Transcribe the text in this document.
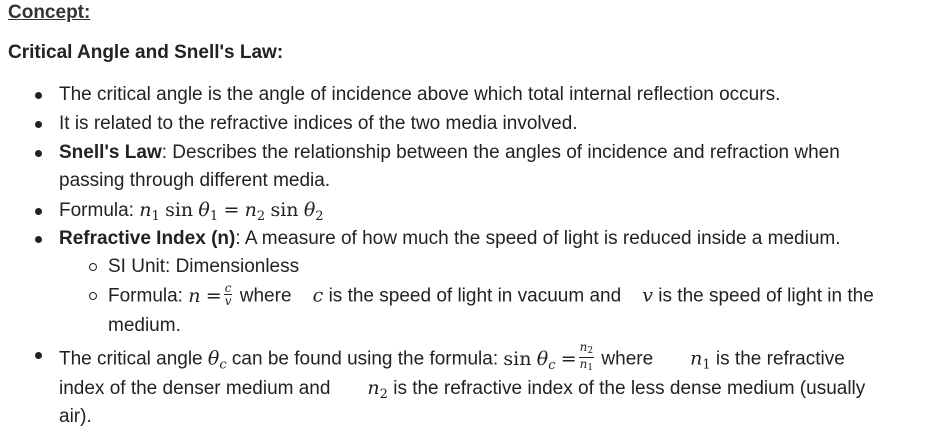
Concept:
Critical Angle and Snell's Law:
The critical angle is the angle of incidence above which total internal reflection occurs.
It is related to the refractive indices of the two media involved.
Snell's Law: Describes the relationship between the angles of incidence and refraction when
passing through different media.
Formula: $n_1$ $\sin \theta_1 = n_2$ $\sin \theta_2$
Refractive Index (n): A measure of how much the speed of light is reduced inside a medium.
SI Unit: Dimensionless
Formula: $n = \frac{c}{v}$ where c is the speed of light in vacuum and v is the speed of light in the
medium.
The critical angle $\theta_c$ can be found using the formula: $\sin \theta_c = \frac{n2}{n1}$ where $n_1$ is the refractive
index of the denser medium and $n_2$ is the refractive index of the less dense medium (usually
air).
